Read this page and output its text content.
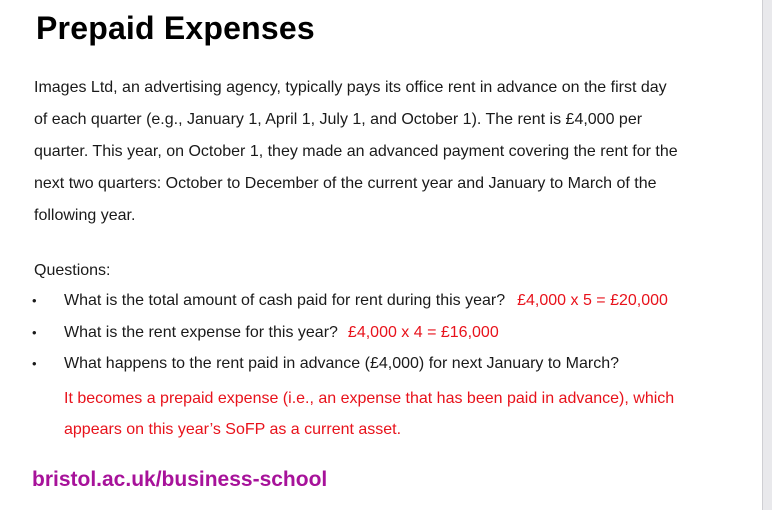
Prepaid Expenses

Images Ltd, an advertising agency, typically pays its office rent in advance on the first day

of each quarter (e.g., January 1, April 1, July 1, and October 1). The rent is £4,000 per

quarter. This year, on October 1, they made an advanced payment covering the rent for the

next two quarters: October to December of the current year and January to March of the

following year.

Questions:
• What is the total amount of cash paid for rent during this year? £4,000 x 5 = £20,000
• What is the rent expense for this year? £4,000 x 4 = £16,000
• What happens to the rent paid in advance (£4,000) for next January to March?

It becomes a prepaid expense (i.e., an expense that has been paid in advance), which

appears on this year’s SoFP as a current asset.

bristol.ac.uk/business-school
